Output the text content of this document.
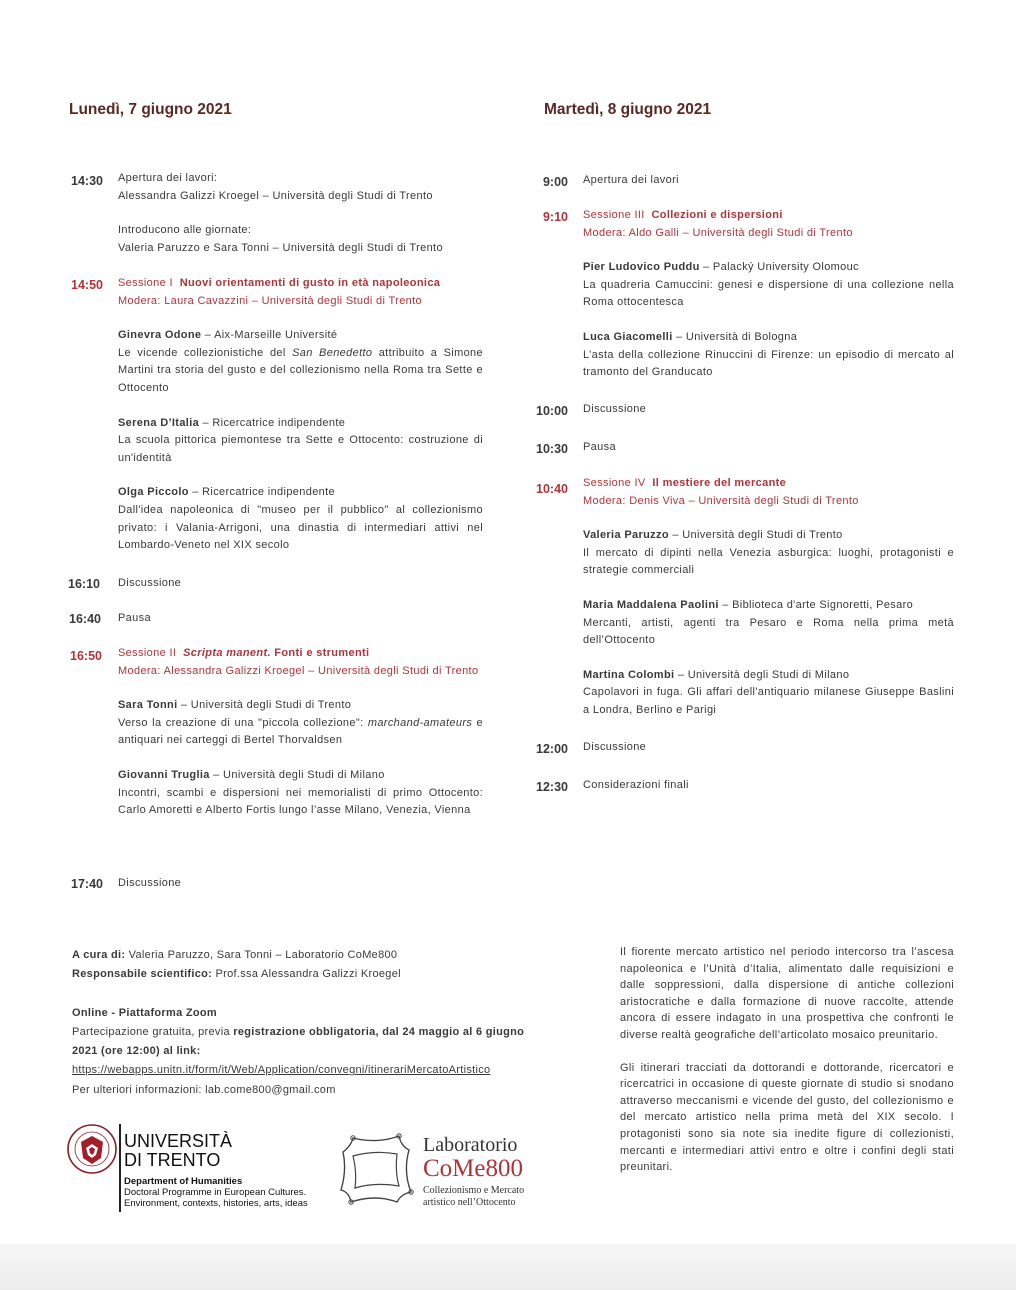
Lunedì, 7 giugno 2021
14:30 Apertura dei lavori:

Alessandra Galizzi Kroegel – Università degli Studi di Trento

Introducono alle giornate:

Valeria Paruzzo e Sara Tonni – Università degli Studi di Trento

14:50 Sessione I Nuovi orientamenti di gusto in età napoleonica

Modera: Laura Cavazzini – Università degli Studi di Trento

Ginevra Odone – Aix-Marseille Université

Le vicende collezionistiche del San Benedetto attribuito a Simone Martini tra storia del gusto e del collezionismo nella Roma tra Sette e Ottocento

Serena D’Italia – Ricercatrice indipendente

La scuola pittorica piemontese tra Sette e Ottocento: costruzione di un'identità

Olga Piccolo – Ricercatrice indipendente

Dall'idea napoleonica di "museo per il pubblico" al collezionismo privato: i Valania-Arrigoni, una dinastia di intermediari attivi nel Lombardo-Veneto nel XIX secolo

16:10 Discussione
16:40 Pausa
16:50 Sessione II Scripta manent. Fonti e strumenti

Modera: Alessandra Galizzi Kroegel – Università degli Studi di Trento

Sara Tonni – Università degli Studi di Trento

Verso la creazione di una "piccola collezione": marchand-amateurs e antiquari nei carteggi di Bertel Thorvaldsen

Giovanni Truglia – Università degli Studi di Milano

Incontri, scambi e dispersioni nei memorialisti di primo Ottocento: Carlo Amoretti e Alberto Fortis lungo l’asse Milano, Venezia, Vienna

17:40 Discussione
Martedì, 8 giugno 2021
9:00 Apertura dei lavori
9:10 Sessione III Collezioni e dispersioni

Modera: Aldo Galli – Università degli Studi di Trento

Pier Ludovico Puddu – Palacký University Olomouc

La quadreria Camuccini: genesi e dispersione di una collezione nella Roma ottocentesca

Luca Giacomelli – Università di Bologna

L’asta della collezione Rinuccini di Firenze: un episodio di mercato al tramonto del Granducato

10:00 Discussione
10:30 Pausa
10:40 Sessione IV Il mestiere del mercante

Modera: Denis Viva – Università degli Studi di Trento

Valeria Paruzzo – Università degli Studi di Trento

Il mercato di dipinti nella Venezia asburgica: luoghi, protagonisti e strategie commerciali

Maria Maddalena Paolini – Biblioteca d'arte Signoretti, Pesaro

Mercanti, artisti, agenti tra Pesaro e Roma nella prima metà dell’Ottocento

Martina Colombi – Università degli Studi di Milano

Capolavori in fuga. Gli affari dell'antiquario milanese Giuseppe Baslini a Londra, Berlino e Parigi

12:00 Discussione
12:30 Considerazioni finali

A cura di: Valeria Paruzzo, Sara Tonni – Laboratorio CoMe800

Responsabile scientifico: Prof.ssa Alessandra Galizzi Kroegel

Online - Piattaforma Zoom

Partecipazione gratuita, previa registrazione obbligatoria, dal 24 maggio al 6 giugno 2021 (ore 12:00) al link:

https://webapps.unitn.it/form/it/Web/Application/convegni/itinerariMercatoArtistico

Per ulteriori informazioni: lab.come800@gmail.com

Il fiorente mercato artistico nel periodo intercorso tra l’ascesa napoleonica e l’Unità d’Italia, alimentato dalle requisizioni e dalle soppressioni, dalla dispersione di antiche collezioni aristocratiche e dalla formazione di nuove raccolte, attende ancora di essere indagato in una prospettiva che confronti le diverse realtà geografiche dell’articolato mosaico preunitario.

Gli itinerari tracciati da dottorandi e dottorande, ricercatori e ricercatrici in occasione di queste giornate di studio si snodano attraverso meccanismi e vicende del gusto, del collezionismo e del mercato artistico nella prima metà del XIX secolo. I protagonisti sono sia note sia inedite figure di collezionisti, mercanti e intermediari attivi entro e oltre i confini degli stati preunitari.

UNIVERSITÀ
DI TRENTO
Department of Humanities
Doctoral Programme in European Cultures.
Environment, contexts, histories, arts, ideas
Laboratorio
CoMe800
Collezionismo e Mercato
artistico nell’Ottocento
